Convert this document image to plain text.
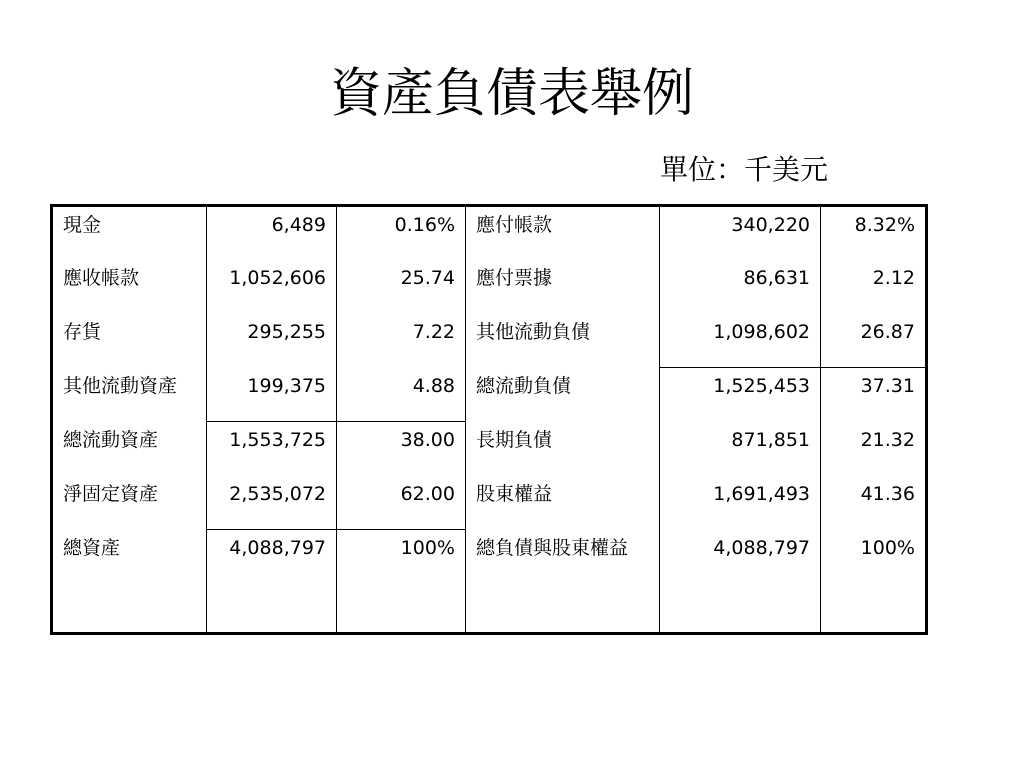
資產負債表舉例
單位：千美元
現金	6,489	0.16%	應付帳款	340,220	8.32%
應收帳款	1,052,606	25.74	應付票據	86,631	2.12
存貨	295,255	7.22	其他流動負債	1,098,602	26.87
其他流動資產	199,375	4.88	總流動負債	1,525,453	37.31
總流動資產	1,553,725	38.00	長期負債	871,851	21.32
淨固定資產	2,535,072	62.00	股東權益	1,691,493	41.36
總資產	4,088,797	100%	總負債與股東權益	4,088,797	100%
